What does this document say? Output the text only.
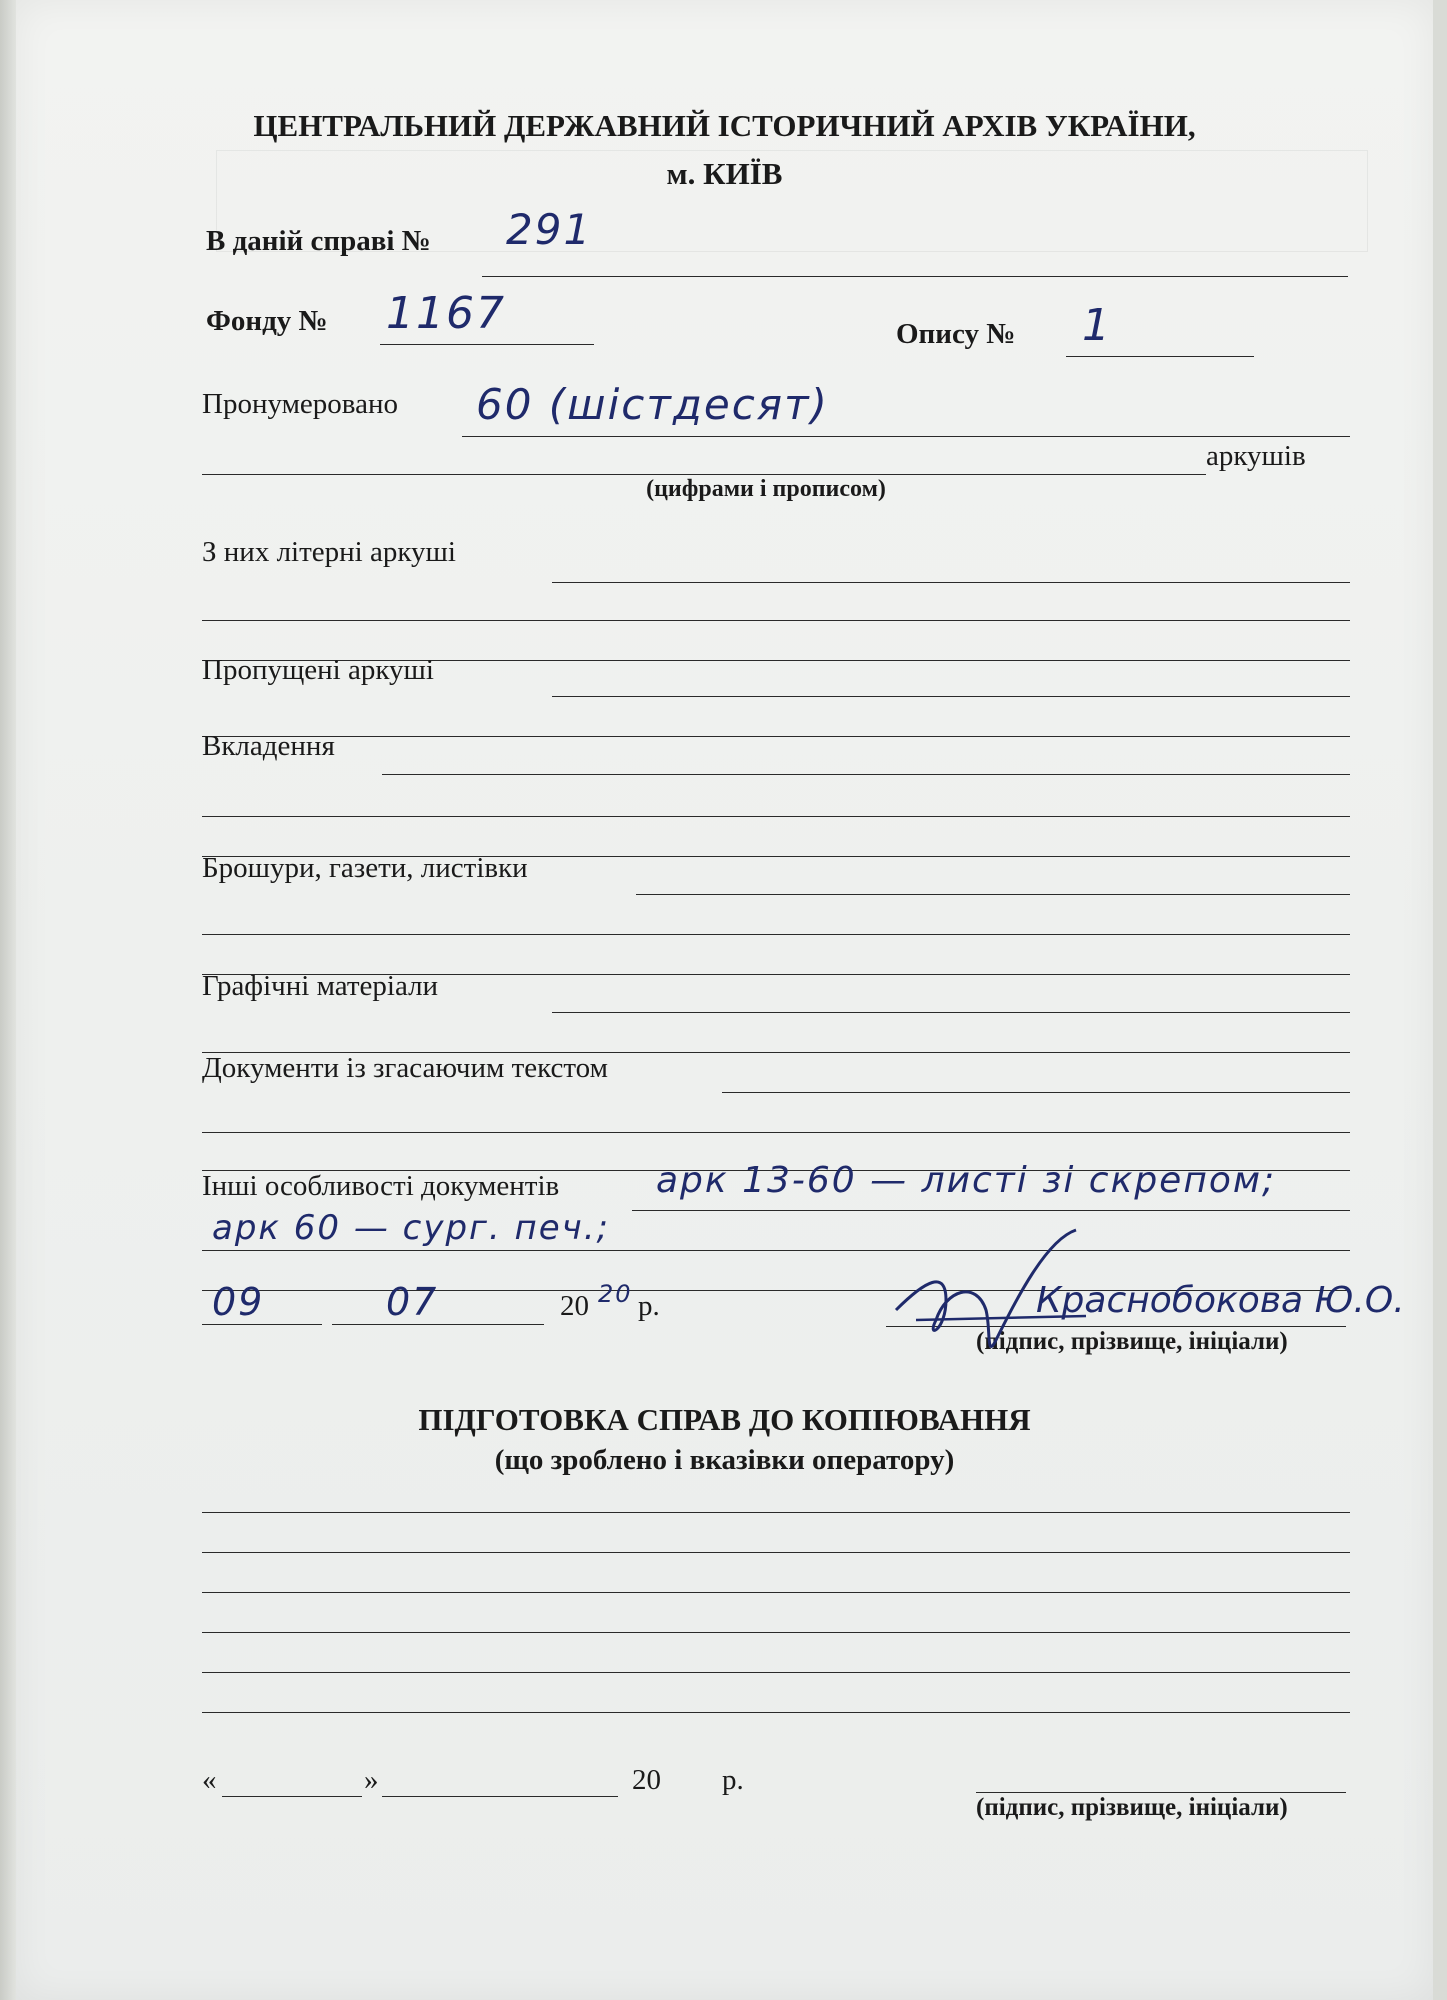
ЦЕНТРАЛЬНИЙ ДЕРЖАВНИЙ ІСТОРИЧНИЙ АРХІВ УКРАЇНИ,
м. КИЇВ
В даній справі № 291
Фонду № 1167	Опису № 1
Пронумеровано 60 (шістдесят)
аркушів
(цифрами і прописом)
З них літерні аркуші
Пропущені аркуші
Вкладення
Брошури, газети, листівки
Графічні матеріали
Документи із згасаючим текстом
Інші особливості документів	арк 13-60 — листі зі скрепом;
арк 60 — сург. печ.;
09	07	20 20 р.	Краснобокова Ю.О.
(підпис, прізвище, ініціали)
ПІДГОТОВКА СПРАВ ДО КОПІЮВАННЯ
(що зроблено і вказівки оператору)
«	»	20 р.
(підпис, прізвище, ініціали)
